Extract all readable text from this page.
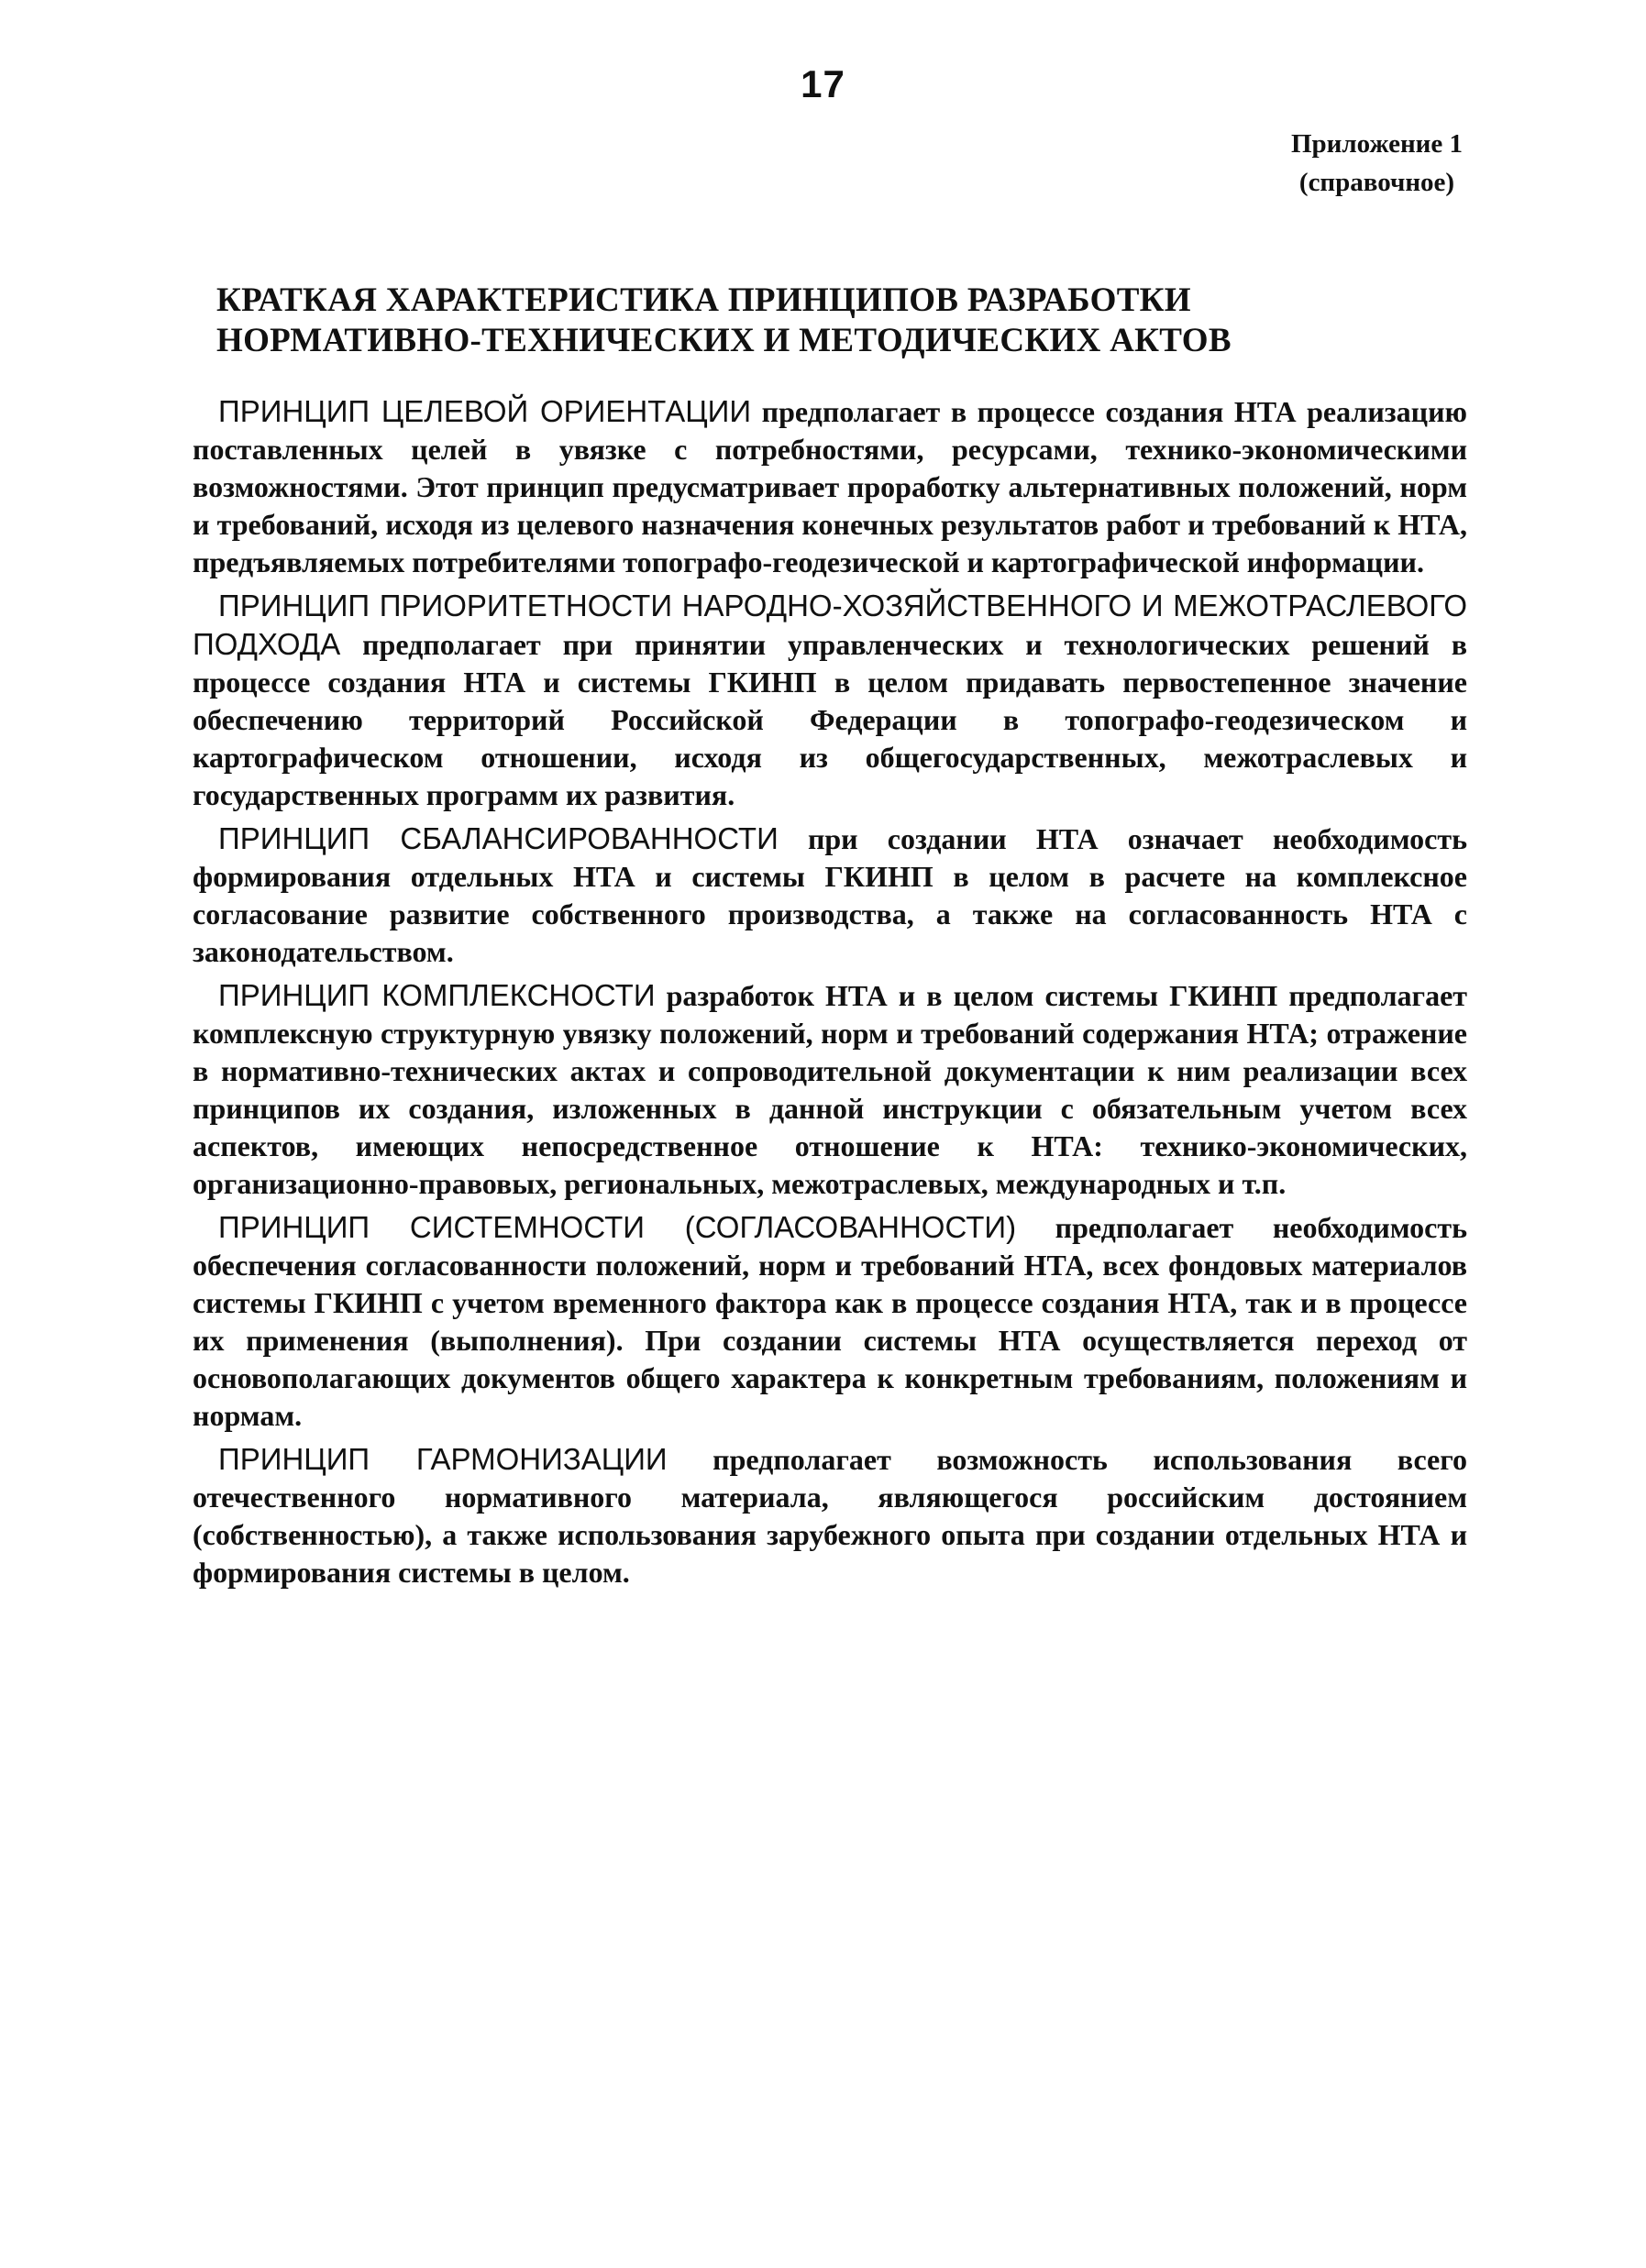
17
Приложение 1
(справочное)
КРАТКАЯ ХАРАКТЕРИСТИКА ПРИНЦИПОВ РАЗРАБОТКИ
НОРМАТИВНО-ТЕХНИЧЕСКИХ И МЕТОДИЧЕСКИХ АКТОВ

ПРИНЦИП ЦЕЛЕВОЙ ОРИЕНТАЦИИ предполагает в процессе создания НТА реализацию поставленных целей в увязке с потребностями, ресурсами, технико-экономическими возможностями. Этот принцип предусматривает проработку альтернативных положений, норм и требований, исходя из целевого назначения конечных результатов работ и требований к НТА, предъявляемых потребителями топографо-геодезической и картографической информации.

ПРИНЦИП ПРИОРИТЕТНОСТИ НАРОДНО-ХОЗЯЙСТВЕННОГО И МЕЖОТРАСЛЕВОГО ПОДХОДА предполагает при принятии управленческих и технологических решений в процессе создания НТА и системы ГКИНП в целом придавать первостепенное значение обеспечению территорий Российской Федерации в топографо-геодезическом и картографическом отношении, исходя из общегосударственных, межотраслевых и государственных программ их развития.

ПРИНЦИП СБАЛАНСИРОВАННОСТИ при создании НТА означает необходимость формирования отдельных НТА и системы ГКИНП в целом в расчете на комплексное согласование развитие собственного производства, а также на согласованность НТА с законодательством.

ПРИНЦИП КОМПЛЕКСНОСТИ разработок НТА и в целом системы ГКИНП предполагает комплексную структурную увязку положений, норм и требований содержания НТА; отражение в нормативно-технических актах и сопроводительной документации к ним реализации всех принципов их создания, изложенных в данной инструкции с обязательным учетом всех аспектов, имеющих непосредственное отношение к НТА: технико-экономических, организационно-правовых, региональных, межотраслевых, международных и т.п.

ПРИНЦИП СИСТЕМНОСТИ (СОГЛАСОВАННОСТИ) предполагает необходимость обеспечения согласованности положений, норм и требований НТА, всех фондовых материалов системы ГКИНП с учетом временного фактора как в процессе создания НТА, так и в процессе их применения (выполнения). При создании системы НТА осуществляется переход от основополагающих документов общего характера к конкретным требованиям, положениям и нормам.

ПРИНЦИП ГАРМОНИЗАЦИИ предполагает возможность использования всего отечественного нормативного материала, являющегося российским достоянием (собственностью), а также использования зарубежного опыта при создании отдельных НТА и формирования системы в целом.
